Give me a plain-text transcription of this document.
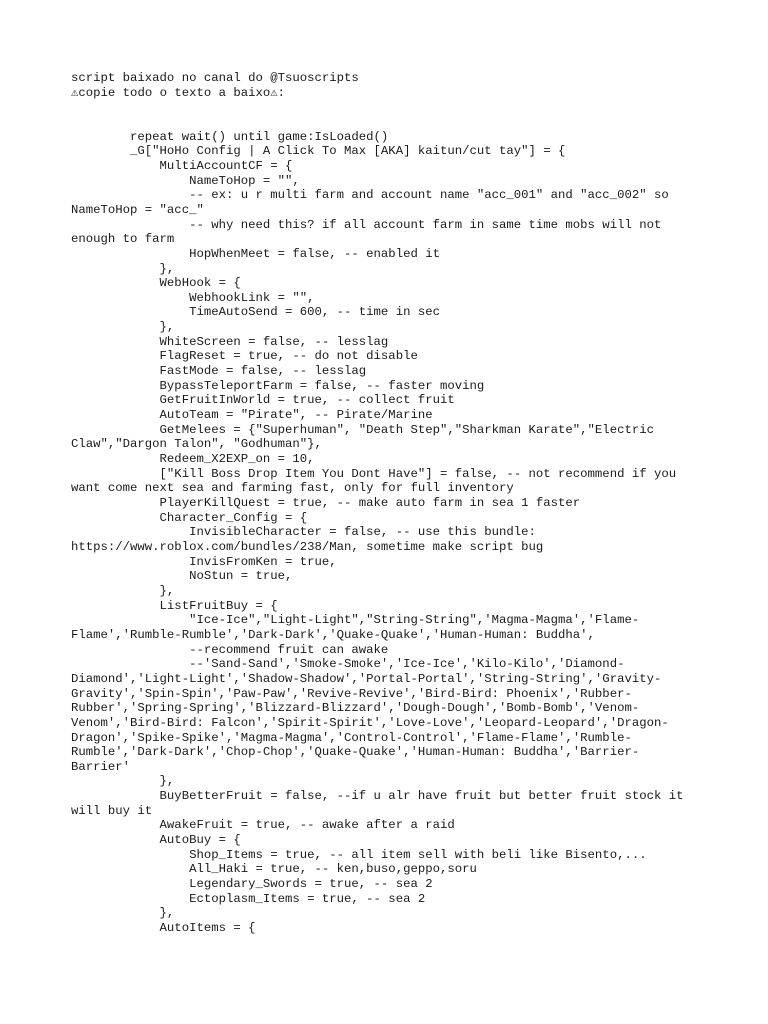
script baixado no canal do @Tsuoscripts
⚠copie todo o texto a baixo⚠:
repeat wait() until game:IsLoaded()
_G["HoHo Config | A Click To Max [AKA] kaitun/cut tay"] = {
MultiAccountCF = {
NameToHop = "",
-- ex: u r multi farm and account name "acc_001" and "acc_002" so
NameToHop = "acc_"
-- why need this? if all account farm in same time mobs will not
enough to farm
HopWhenMeet = false, -- enabled it
},
WebHook = {
WebhookLink = "",
TimeAutoSend = 600, -- time in sec
},
WhiteScreen = false, -- lesslag
FlagReset = true, -- do not disable
FastMode = false, -- lesslag
BypassTeleportFarm = false, -- faster moving
GetFruitInWorld = true, -- collect fruit
AutoTeam = "Pirate", -- Pirate/Marine
GetMelees = {"Superhuman", "Death Step","Sharkman Karate","Electric
Claw","Dargon Talon", "Godhuman"},
Redeem_X2EXP_on = 10,
["Kill Boss Drop Item You Dont Have"] = false, -- not recommend if you
want come next sea and farming fast, only for full inventory
PlayerKillQuest = true, -- make auto farm in sea 1 faster
Character_Config = {
InvisibleCharacter = false, -- use this bundle:
https://www.roblox.com/bundles/238/Man, sometime make script bug
InvisFromKen = true,
NoStun = true,
},
ListFruitBuy = {
"Ice-Ice","Light-Light","String-String",'Magma-Magma','Flame-
Flame','Rumble-Rumble','Dark-Dark','Quake-Quake','Human-Human: Buddha',
--recommend fruit can awake
--'Sand-Sand','Smoke-Smoke','Ice-Ice','Kilo-Kilo','Diamond-
Diamond','Light-Light','Shadow-Shadow','Portal-Portal','String-String','Gravity-
Gravity','Spin-Spin','Paw-Paw','Revive-Revive','Bird-Bird: Phoenix','Rubber-
Rubber','Spring-Spring','Blizzard-Blizzard','Dough-Dough','Bomb-Bomb','Venom-
Venom','Bird-Bird: Falcon','Spirit-Spirit','Love-Love','Leopard-Leopard','Dragon-
Dragon','Spike-Spike','Magma-Magma','Control-Control','Flame-Flame','Rumble-
Rumble','Dark-Dark','Chop-Chop','Quake-Quake','Human-Human: Buddha','Barrier-
Barrier'
},
BuyBetterFruit = false, --if u alr have fruit but better fruit stock it
will buy it
AwakeFruit = true, -- awake after a raid
AutoBuy = {
Shop_Items = true, -- all item sell with beli like Bisento,...
All_Haki = true, -- ken,buso,geppo,soru
Legendary_Swords = true, -- sea 2
Ectoplasm_Items = true, -- sea 2
},
AutoItems = {
